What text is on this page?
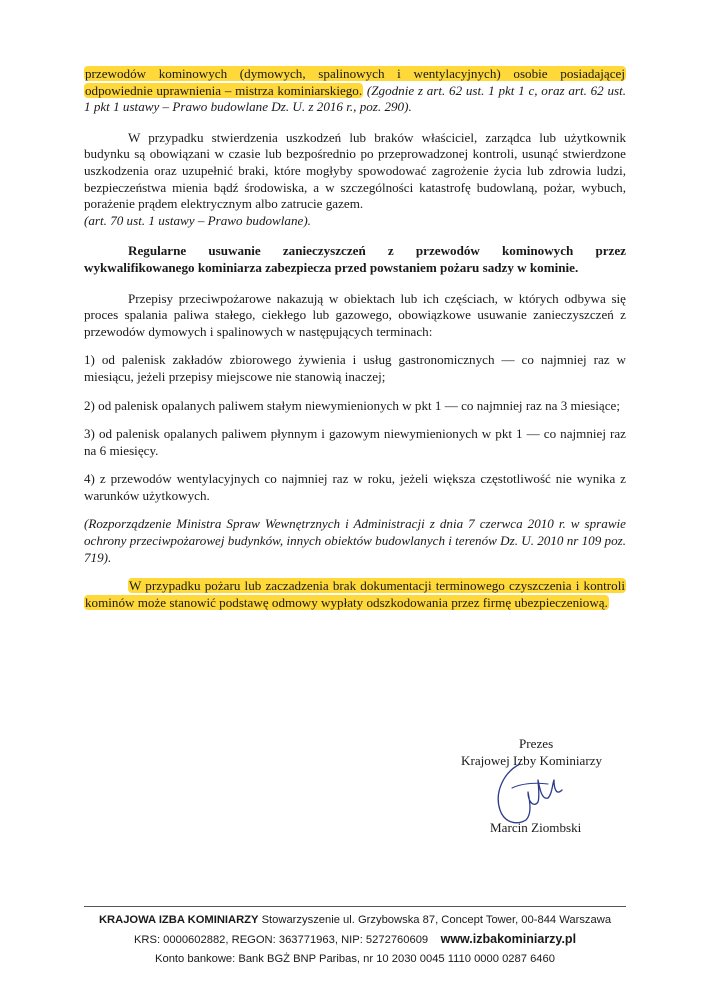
przewodów kominowych (dymowych, spalinowych i wentylacyjnych) osobie posiadającej odpowiednie uprawnienia – mistrza kominiarskiego. (Zgodnie z art. 62 ust. 1 pkt 1 c, oraz art. 62 ust. 1 pkt 1 ustawy – Prawo budowlane Dz. U. z 2016 r., poz. 290).

W przypadku stwierdzenia uszkodzeń lub braków właściciel, zarządca lub użytkownik budynku są obowiązani w czasie lub bezpośrednio po przeprowadzonej kontroli, usunąć stwierdzone uszkodzenia oraz uzupełnić braki, które mogłyby spowodować zagrożenie życia lub zdrowia ludzi, bezpieczeństwa mienia bądź środowiska, a w szczególności katastrofę budowlaną, pożar, wybuch, porażenie prądem elektrycznym albo zatrucie gazem.
(art. 70 ust. 1 ustawy – Prawo budowlane).

Regularne usuwanie zanieczyszczeń z przewodów kominowych przez wykwalifikowanego kominiarza zabezpiecza przed powstaniem pożaru sadzy w kominie.

Przepisy przeciwpożarowe nakazują w obiektach lub ich częściach, w których odbywa się proces spalania paliwa stałego, ciekłego lub gazowego, obowiązkowe usuwanie zanieczyszczeń z przewodów dymowych i spalinowych w następujących terminach:

1) od palenisk zakładów zbiorowego żywienia i usług gastronomicznych — co najmniej raz w miesiącu, jeżeli przepisy miejscowe nie stanowią inaczej;

2) od palenisk opalanych paliwem stałym niewymienionych w pkt 1 — co najmniej raz na 3 miesiące;

3) od palenisk opalanych paliwem płynnym i gazowym niewymienionych w pkt 1 — co najmniej raz na 6 miesięcy.

4) z przewodów wentylacyjnych co najmniej raz w roku, jeżeli większa częstotliwość nie wynika z warunków użytkowych.

(Rozporządzenie Ministra Spraw Wewnętrznych i Administracji z dnia 7 czerwca 2010 r. w sprawie ochrony przeciwpożarowej budynków, innych obiektów budowlanych i terenów Dz. U. 2010 nr 109 poz. 719).

W przypadku pożaru lub zaczadzenia brak dokumentacji terminowego czyszczenia i kontroli kominów może stanowić podstawę odmowy wypłaty odszkodowania przez firmę ubezpieczeniową.

Prezes
Krajowej Izby Kominiarzy
Marcin Ziombski
KRAJOWA IZBA KOMINIARZY Stowarzyszenie ul. Grzybowska 87, Concept Tower, 00-844 Warszawa
KRS: 0000602882, REGON: 363771963, NIP: 5272760609 www.izbakominiarzy.pl
Konto bankowe: Bank BGŻ BNP Paribas, nr 10 2030 0045 1110 0000 0287 6460
